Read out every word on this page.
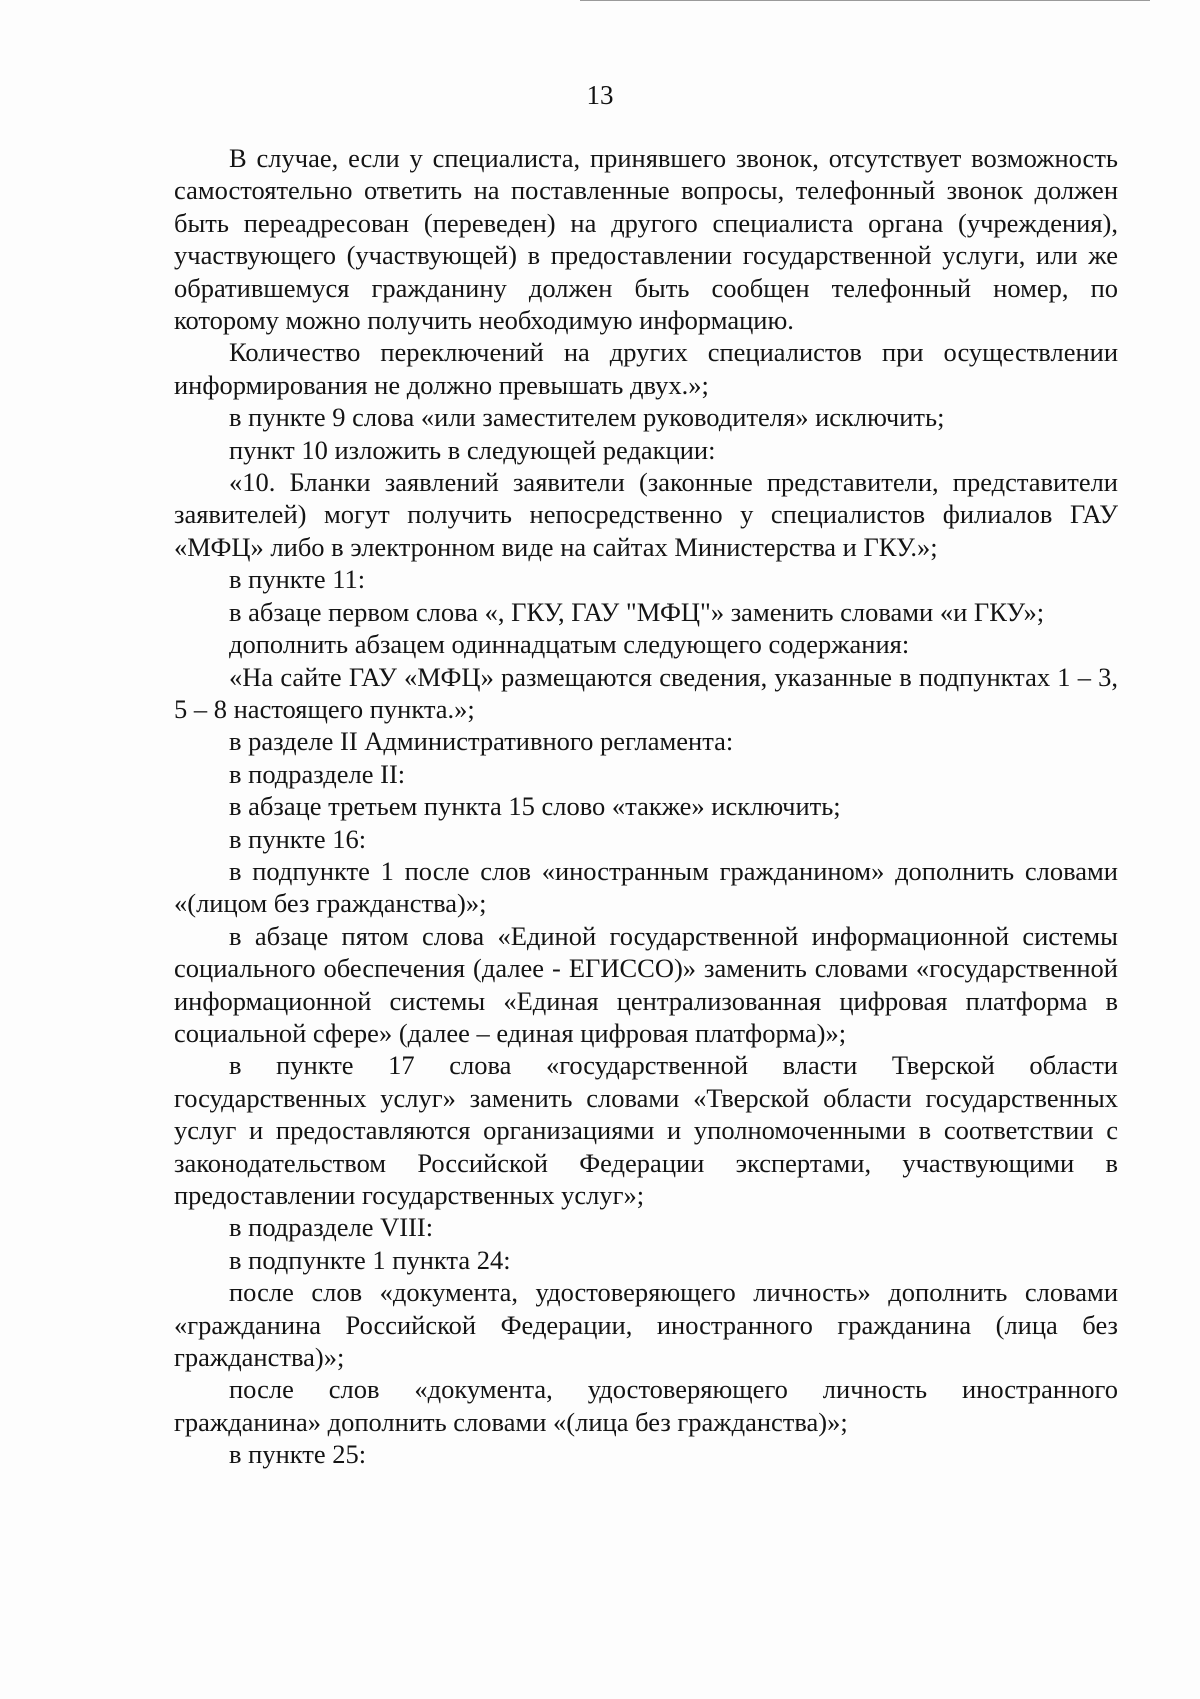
13

В случае, если у специалиста, принявшего звонок, отсутствует возможность самостоятельно ответить на поставленные вопросы, телефонный звонок должен быть переадресован (переведен) на другого специалиста органа (учреждения), участвующего (участвующей) в предоставлении государственной услуги, или же обратившемуся гражданину должен быть сообщен телефонный номер, по которому можно получить необходимую информацию.

Количество переключений на других специалистов при осуществлении информирования не должно превышать двух.»;

в пункте 9 слова «или заместителем руководителя» исключить;

пункт 10 изложить в следующей редакции:

«10. Бланки заявлений заявители (законные представители, представители заявителей) могут получить непосредственно у специалистов филиалов ГАУ «МФЦ» либо в электронном виде на сайтах Министерства и ГКУ.»;

в пункте 11:

в абзаце первом слова «, ГКУ, ГАУ "МФЦ"» заменить словами «и ГКУ»;

дополнить абзацем одиннадцатым следующего содержания:

«На сайте ГАУ «МФЦ» размещаются сведения, указанные в подпунктах 1 – 3, 5 – 8 настоящего пункта.»;

в разделе II Административного регламента:

в подразделе II:

в абзаце третьем пункта 15 слово «также» исключить;

в пункте 16:

в подпункте 1 после слов «иностранным гражданином» дополнить словами «(лицом без гражданства)»;

в абзаце пятом слова «Единой государственной информационной системы социального обеспечения (далее - ЕГИССО)» заменить словами «государственной информационной системы «Единая централизованная цифровая платформа в социальной сфере» (далее – единая цифровая платформа)»;

в пункте 17 слова «государственной власти Тверской области государственных услуг» заменить словами «Тверской области государственных услуг и предоставляются организациями и уполномоченными в соответствии с законодательством Российской Федерации экспертами, участвующими в предоставлении государственных услуг»;

в подразделе VIII:

в подпункте 1 пункта 24:

после слов «документа, удостоверяющего личность» дополнить словами «гражданина Российской Федерации, иностранного гражданина (лица без гражданства)»;

после слов «документа, удостоверяющего личность иностранного гражданина» дополнить словами «(лица без гражданства)»;

в пункте 25:
